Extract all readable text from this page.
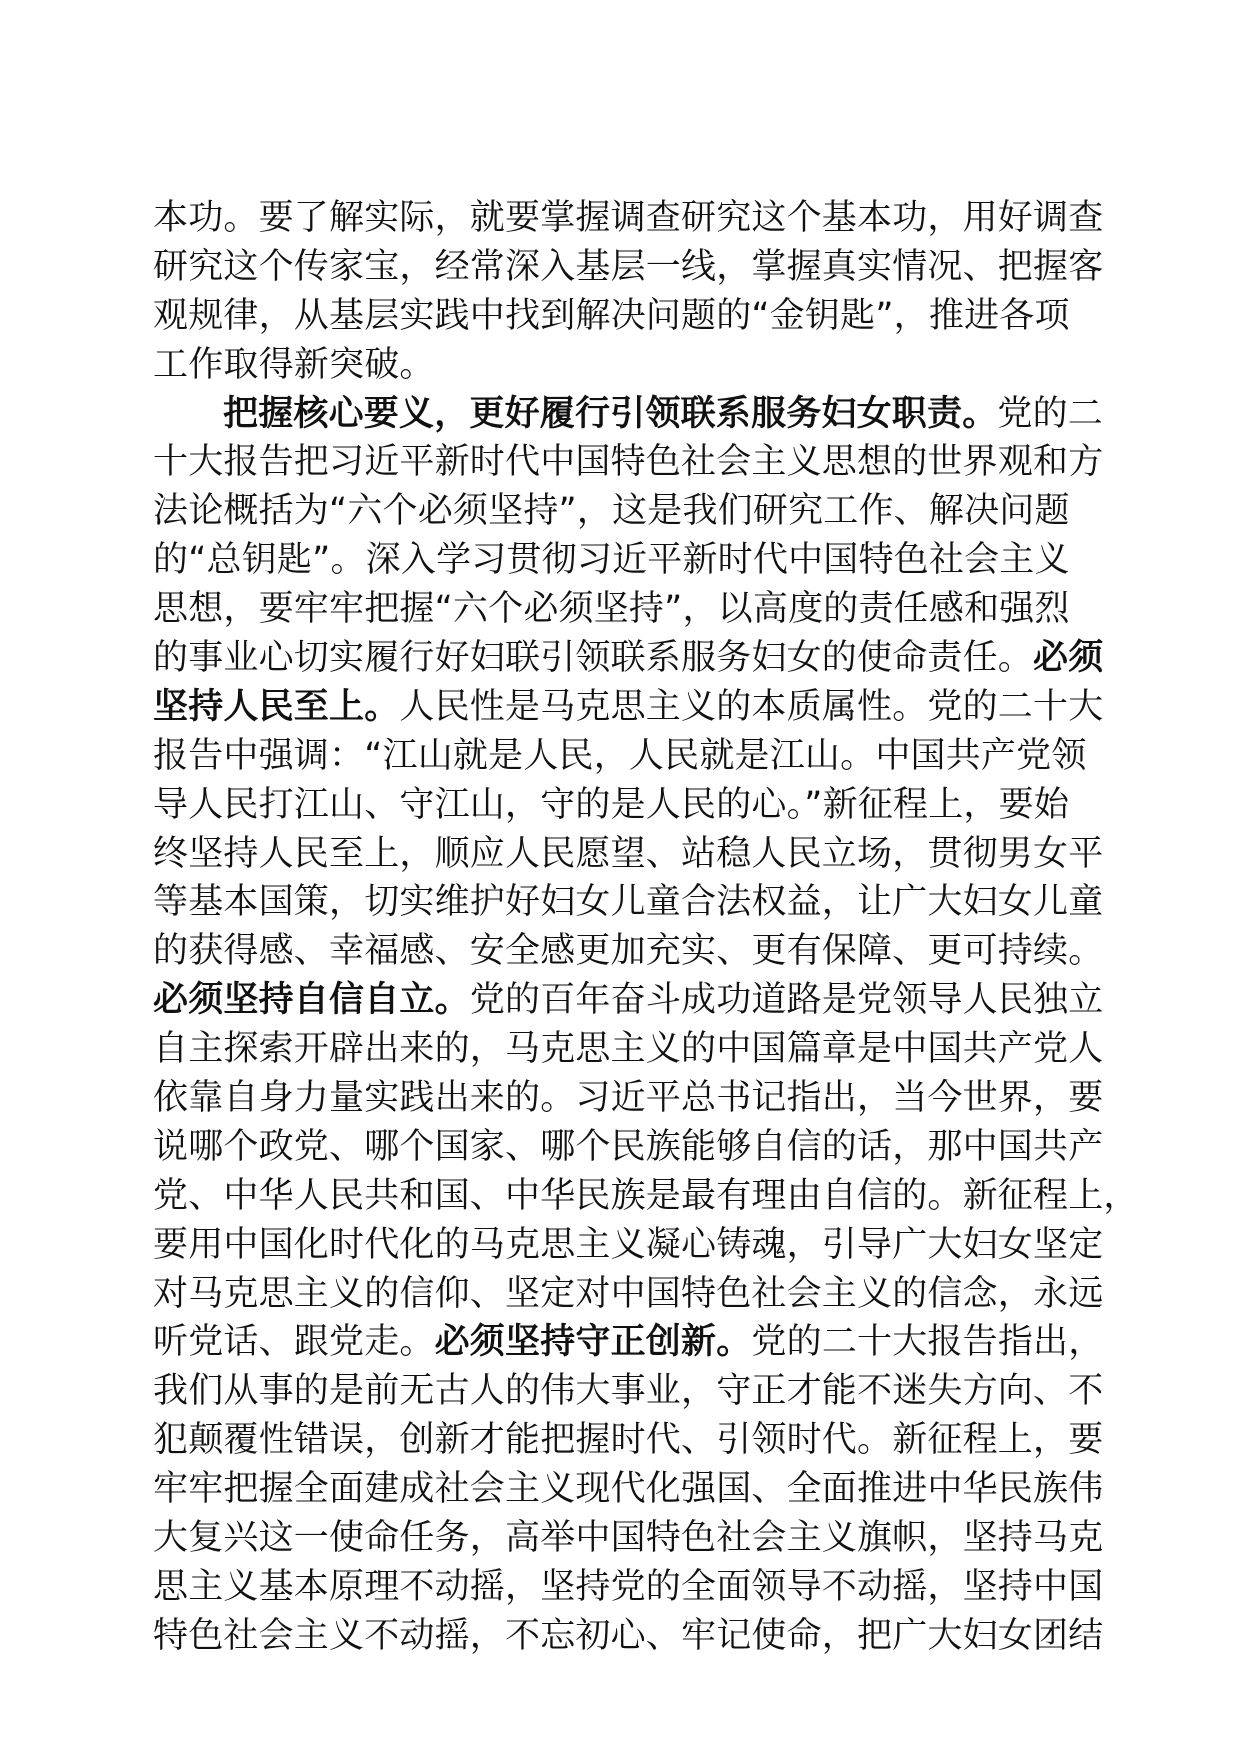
本功。要了解实际，就要掌握调查研究这个基本功，用好调查
研究这个传家宝，经常深入基层一线，掌握真实情况、把握客
观规律，从基层实践中找到解决问题的“金钥匙”，推进各项
工作取得新突破。
把握核心要义，更好履行引领联系服务妇女职责。党的二
十大报告把习近平新时代中国特色社会主义思想的世界观和方
法论概括为“六个必须坚持”，这是我们研究工作、解决问题
的“总钥匙”。深入学习贯彻习近平新时代中国特色社会主义
思想，要牢牢把握“六个必须坚持”，以高度的责任感和强烈
的事业心切实履行好妇联引领联系服务妇女的使命责任。必须
坚持人民至上。人民性是马克思主义的本质属性。党的二十大
报告中强调：“江山就是人民，人民就是江山。中国共产党领
导人民打江山、守江山，守的是人民的心。”新征程上，要始
终坚持人民至上，顺应人民愿望、站稳人民立场，贯彻男女平
等基本国策，切实维护好妇女儿童合法权益，让广大妇女儿童
的获得感、幸福感、安全感更加充实、更有保障、更可持续。
必须坚持自信自立。党的百年奋斗成功道路是党领导人民独立
自主探索开辟出来的，马克思主义的中国篇章是中国共产党人
依靠自身力量实践出来的。习近平总书记指出，当今世界，要
说哪个政党、哪个国家、哪个民族能够自信的话，那中国共产
党、中华人民共和国、中华民族是最有理由自信的。新征程上，
要用中国化时代化的马克思主义凝心铸魂，引导广大妇女坚定
对马克思主义的信仰、坚定对中国特色社会主义的信念，永远
听党话、跟党走。必须坚持守正创新。党的二十大报告指出，
我们从事的是前无古人的伟大事业，守正才能不迷失方向、不
犯颠覆性错误，创新才能把握时代、引领时代。新征程上，要
牢牢把握全面建成社会主义现代化强国、全面推进中华民族伟
大复兴这一使命任务，高举中国特色社会主义旗帜，坚持马克
思主义基本原理不动摇，坚持党的全面领导不动摇，坚持中国
特色社会主义不动摇，不忘初心、牢记使命，把广大妇女团结
